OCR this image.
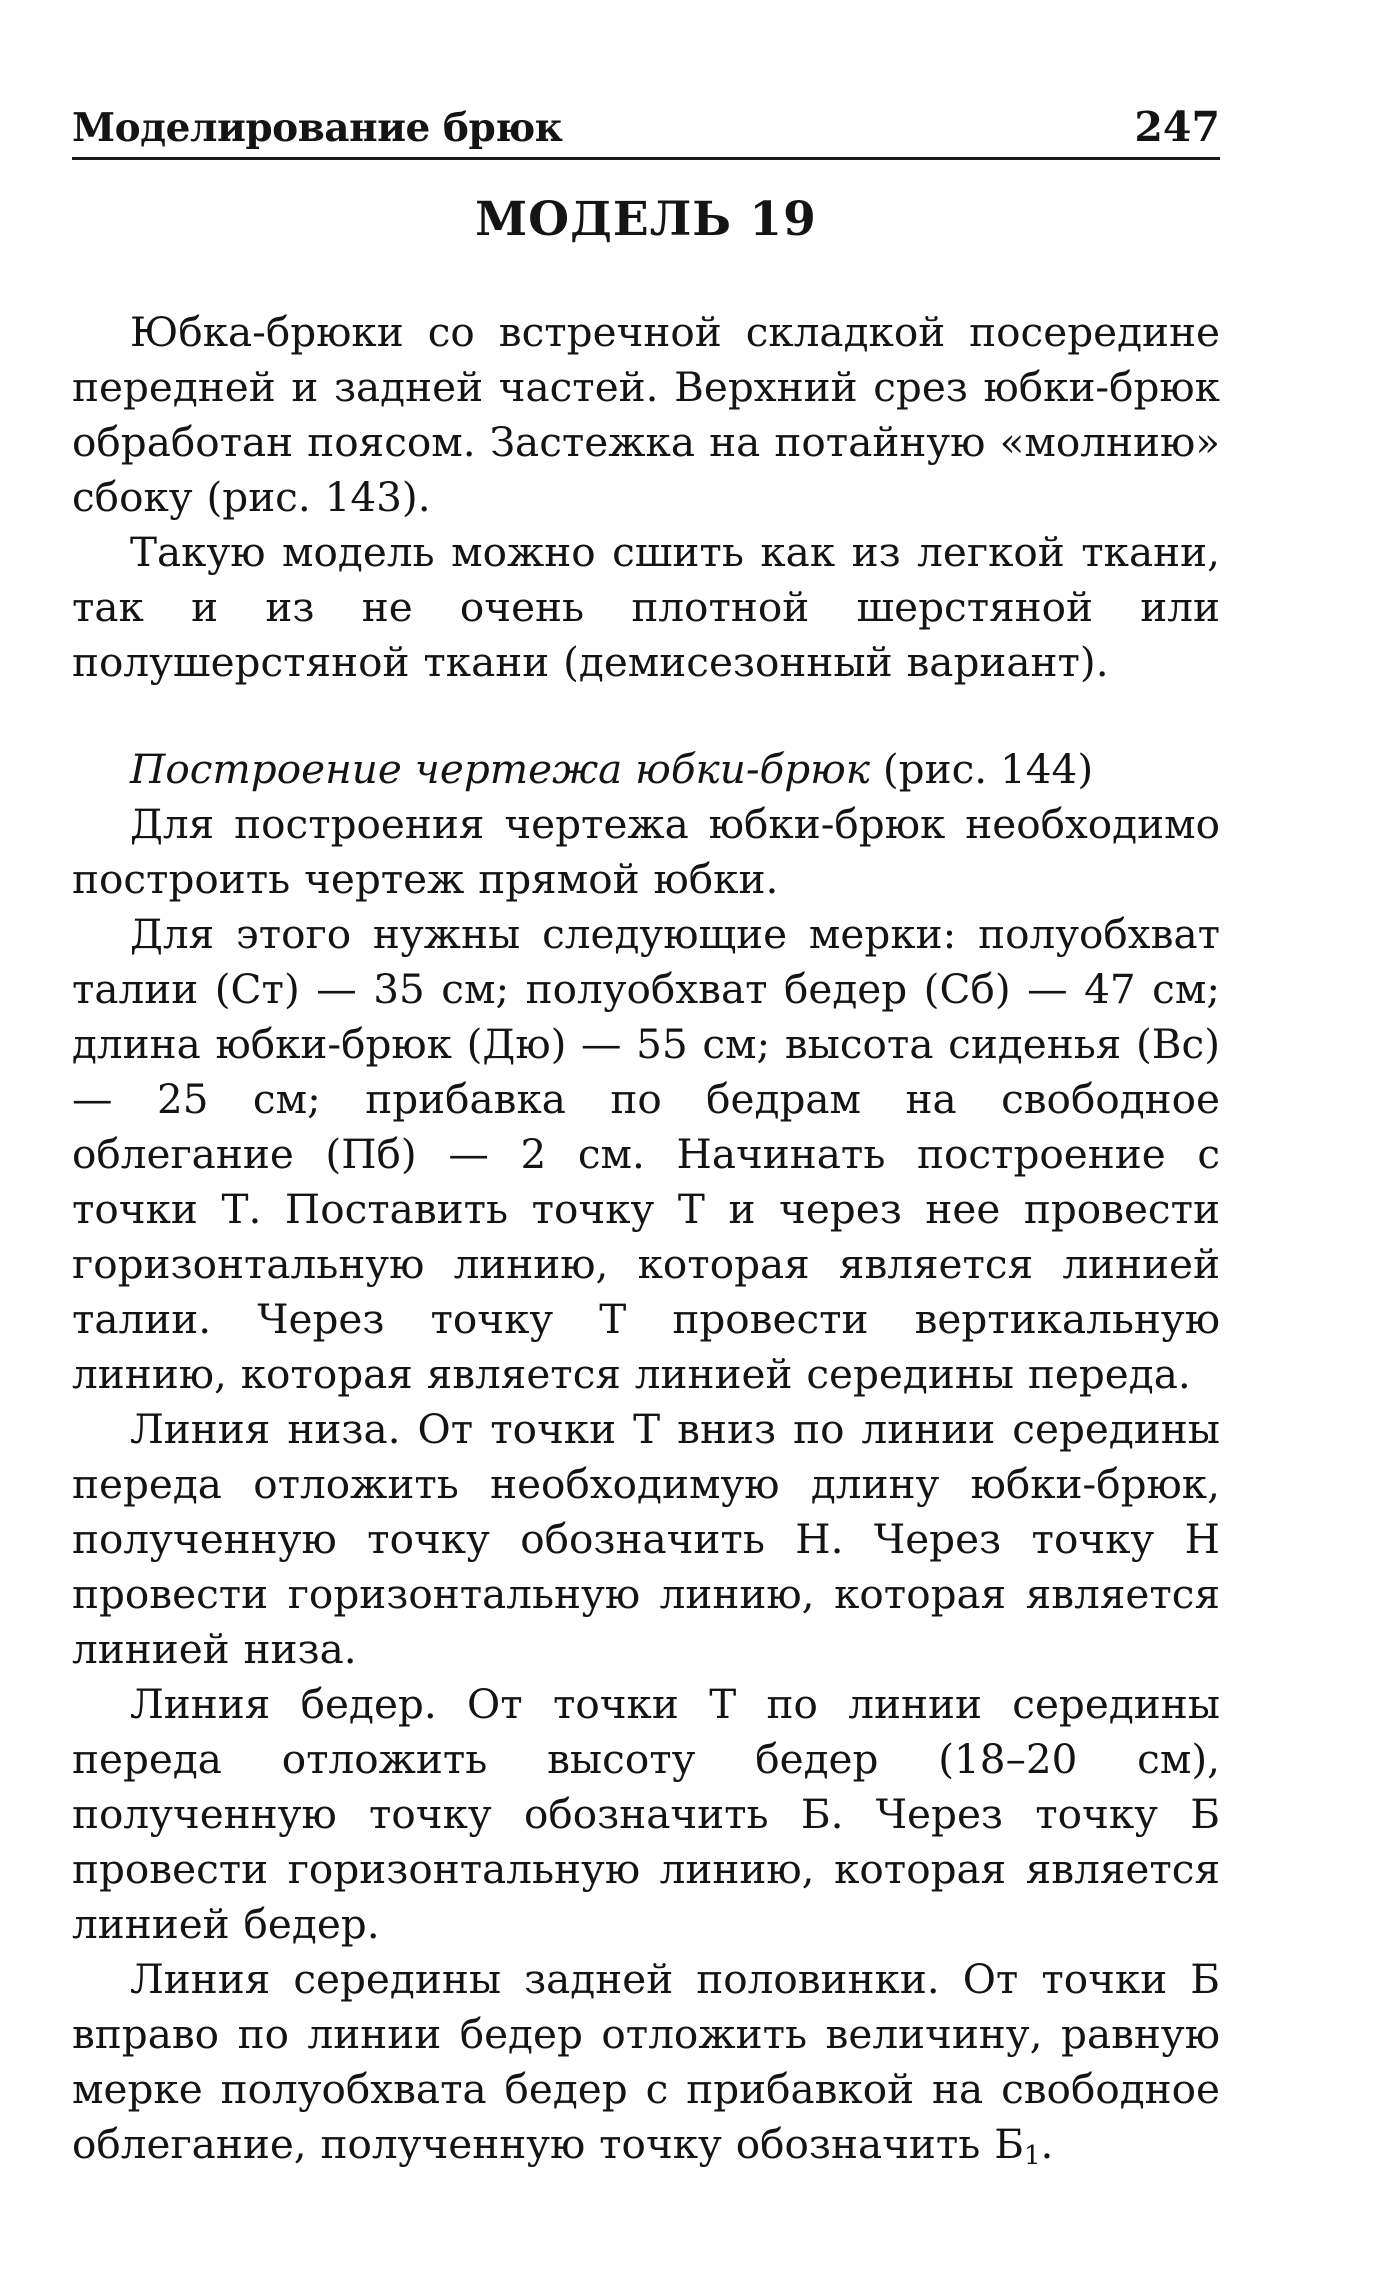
Моделирование брюк	247
МОДЕЛЬ 19

Юбка-брюки со встречной складкой посередине передней и задней частей. Верхний срез юбки-брюк обработан поясом. Застежка на потайную «молнию» сбоку (рис. 143).

Такую модель можно сшить как из легкой ткани, так и из не очень плотной шерстяной или полушерстяной ткани (демисезонный вариант).

Построение чертежа юбки-брюк (рис. 144)

Для построения чертежа юбки-брюк необходимо построить чертеж прямой юбки.

Для этого нужны следующие мерки: полуобхват талии (Ст) — 35 см; полуобхват бедер (Сб) — 47 см; длина юбки-брюк (Дю) — 55 см; высота сиденья (Вс) — 25 см; прибавка по бедрам на свободное облегание (Пб) — 2 см. Начинать построение с точки Т. Поставить точку Т и через нее провести горизонтальную линию, которая является линией талии. Через точку Т провести вертикальную линию, которая является линией середины переда.

Линия низа. От точки Т вниз по линии середины переда отложить необходимую длину юбки-брюк, полученную точку обозначить Н. Через точку Н провести горизонтальную линию, которая является линией низа.

Линия бедер. От точки Т по линии середины переда отложить высоту бедер (18–20 см), полученную точку обозначить Б. Через точку Б провести горизонтальную линию, которая является линией бедер.

Линия середины задней половинки. От точки Б вправо по линии бедер отложить величину, равную мерке полуобхвата бедер с прибавкой на свободное облегание, полученную точку обозначить $Б_1$.
